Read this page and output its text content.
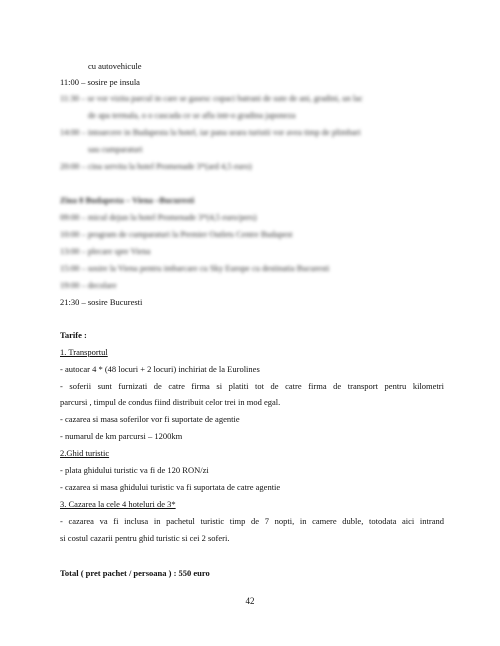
cu autovehicule
11:00 – sosire pe insula
11:30 – se vor vizita parcul in care se gasesc copaci batrani de sute de ani, gradini, un lac
de apa termala, o o cascada ce se afla intr-o gradina japoneza
14:00 – intoarcere in Budapesta la hotel, iar pana seara turistii vor avea timp de plimbari
sau cumparaturi
20:00 – cina servita la hotel Promenade 3*(ard 4,5 euro)
Ziua 8 Budapesta – Viena –Bucuresti
09:00 – micul dejun la hotel Promenade 3*(4,5 euro/pers)
10:00 – program de cumparaturi la Premier Outlets Centre Budapest
13:00 – plecare spre Viena
15:00 – sosire la Viena pentru imbarcare cu Sky Europe cu destinatia Bucuresti
19:00 – decolare
21:30 – sosire Bucuresti
Tarife :
1. Transportul
- autocar 4 * (48 locuri + 2 locuri) inchiriat de la Eurolines
- soferii sunt furnizati de catre firma si platiti tot de catre firma de transport pentru kilometri
parcursi , timpul de condus fiind distribuit celor trei in mod egal.
- cazarea si masa soferilor vor fi suportate de agentie
- numarul de km parcursi – 1200km
2.Ghid turistic
- plata ghidului turistic va fi de 120 RON/zi
- cazarea si masa ghidului turistic va fi suportata de catre agentie
3. Cazarea la cele 4 hoteluri de 3*
- cazarea va fi inclusa in pachetul turistic timp de 7 nopti, in camere duble, totodata aici intrand
si costul cazarii pentru ghid turistic si cei 2 soferi.
Total ( pret pachet / persoana ) : 550 euro
42
